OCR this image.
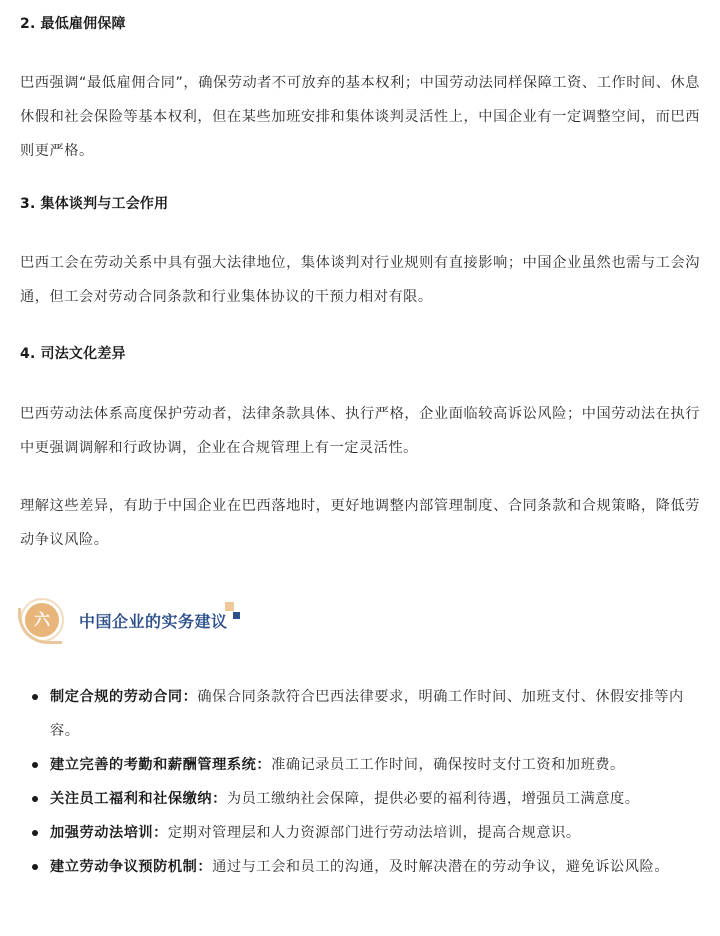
2. 最低雇佣保障
巴西强调“最低雇佣合同”，确保劳动者不可放弃的基本权利；中国劳动法同样保障工资、工作时间、休息休假和社会保险等基本权利，但在某些加班安排和集体谈判灵活性上，中国企业有一定调整空间，而巴西则更严格。
3. 集体谈判与工会作用
巴西工会在劳动关系中具有强大法律地位，集体谈判对行业规则有直接影响；中国企业虽然也需与工会沟通，但工会对劳动合同条款和行业集体协议的干预力相对有限。
4. 司法文化差异
巴西劳动法体系高度保护劳动者，法律条款具体、执行严格，企业面临较高诉讼风险；中国劳动法在执行中更强调调解和行政协调，企业在合规管理上有一定灵活性。
理解这些差异，有助于中国企业在巴西落地时，更好地调整内部管理制度、合同条款和合规策略，降低劳动争议风险。
六	中国企业的实务建议
制定合规的劳动合同：确保合同条款符合巴西法律要求，明确工作时间、加班支付、休假安排等内容。
建立完善的考勤和薪酬管理系统：准确记录员工工作时间，确保按时支付工资和加班费。
关注员工福利和社保缴纳：为员工缴纳社会保障，提供必要的福利待遇，增强员工满意度。
加强劳动法培训：定期对管理层和人力资源部门进行劳动法培训，提高合规意识。
建立劳动争议预防机制：通过与工会和员工的沟通，及时解决潜在的劳动争议，避免诉讼风险。
